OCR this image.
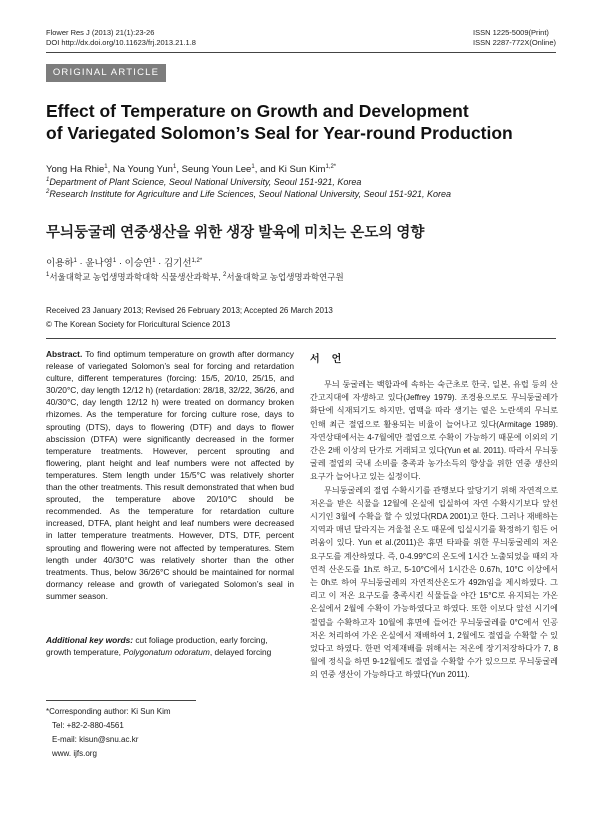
Flower Res J (2013) 21(1):23-26
DOI http://dx.doi.org/10.11623/frj.2013.21.1.8
ISSN 1225-5009(Print)
ISSN 2287-772X(Online)
ORIGINAL ARTICLE
Effect of Temperature on Growth and Development
of Variegated Solomon’s Seal for Year-round Production
Yong Ha Rhie$^1$, Na Young Yun$^1$, Seung Youn Lee$^1$, and Ki Sun Kim$^{1,2*}$
$^1$Department of Plant Science, Seoul National University, Seoul 151-921, Korea
$^2$Research Institute for Agriculture and Life Sciences, Seoul National University, Seoul 151-921, Korea
무늬둥굴레 연중생산을 위한 생장 발육에 미치는 온도의 영향
이용하$^1$ · 윤나영$^1$ · 이승연$^1$ · 김기선$^{1,2*}$
$^1$서울대학교 농업생명과학대학 식물생산과학부, $^2$서울대학교 농업생명과학연구원
Received 23 January 2013; Revised 26 February 2013; Accepted 26 March 2013
© The Korean Society for Floricultural Science 2013
Abstract. To find optimum temperature on growth after dormancy release of variegated Solomon’s seal for forcing and retardation culture, different temperatures (forcing: 15/5, 20/10, 25/15, and 30/20°C, day length 12/12 h) (retardation: 28/18, 32/22, 36/26, and 40/30°C, day length 12/12 h) were treated on dormancy broken rhizomes. As the temperature for forcing culture rose, days to sprouting (DTS), days to flowering (DTF) and days to flower abscission (DTFA) were significantly decreased in the former temperature treatments. However, percent sprouting and flowering, plant height and leaf numbers were not affected by temperatures. Stem length under 15/5°C was relatively shorter than the other treatments. This result demonstrated that when bud sprouted, the temperature above 20/10°C should be recommended. As the temperature for retardation culture increased, DTFA, plant height and leaf numbers were decreased in latter temperature treatments. However, DTS, DTF, percent sprouting and flowering were not affected by temperatures. Stem length under 40/30°C was relatively shorter than the other treatments. Thus, below 36/26°C should be maintained for normal dormancy release and growth of variegated Solomon’s seal in summer season.
Additional key words: cut foliage production, early forcing, growth temperature, Polygonatum odoratum, delayed forcing
*Corresponding author: Ki Sun Kim
Tel: +82-2-880-4561
E-mail: kisun@snu.ac.kr
www. ijfs.org
서언

무늬 둥굴레는 백합과에 속하는 숙근초로 한국, 일본, 유럽 등의 산간고지대에 자생하고 있다(Jeffrey 1979). 조경용으로도 무늬둥굴레가 화단에 식재되기도 하지만, 엽맥을 따라 생기는 옅은 노란색의 무늬로 인해 최근 절엽으로 활용되는 비율이 늘어나고 있다(Armitage 1989). 자연상태에서는 4-7월에만 절엽으로 수확이 가능하기 때문에 이외의 기간은 2배 이상의 단가로 거래되고 있다(Yun et al. 2011). 따라서 무늬둥굴레 절엽의 국내 소비를 충족과 농가소득의 향상을 위한 연중 생산의 요구가 늘어나고 있는 실정이다.

무늬둥굴레의 절엽 수확시기를 관행보다 앞당기기 위해 자연적으로 저온을 받은 식물을 12월에 온실에 입실하여 자연 수확시기보다 앞선 시기인 3월에 수확을 할 수 있었다(RDA 2001)고 한다. 그러나 재배하는 지역과 매년 달라지는 겨울철 온도 때문에 입실시기를 확정하기 힘든 어려움이 있다. Yun et al.(2011)은 휴면 타파를 위한 무늬둥굴레의 저온 요구도를 계산하였다. 즉, 0-4.99°C의 온도에 1시간 노출되었을 때의 자연적 산온도를 1h로 하고, 5-10°C에서 1시간은 0.67h, 10°C 이상에서는 0h로 하여 무늬둥굴레의 자연적산온도가 492h임을 제시하였다. 그리고 이 저온 요구도를 충족시킨 식물들을 야간 15°C로 유지되는 가온 온실에서 2월에 수확이 가능하였다고 하였다. 또한 이보다 앞선 시기에 절엽을 수확하고자 10월에 휴면에 들어간 무늬둥굴레를 0°C에서 인공저온 처리하여 가온 온실에서 재배하여 1, 2월에도 절엽을 수확할 수 있었다고 하였다. 한편 억제재배를 위해서는 저온에 장기저장하다가 7, 8월에 정식을 하면 9-12월에도 절엽을 수확할 수가 있으므로 무늬둥굴레의 연중 생산이 가능하다고 하였다(Yun 2011).
